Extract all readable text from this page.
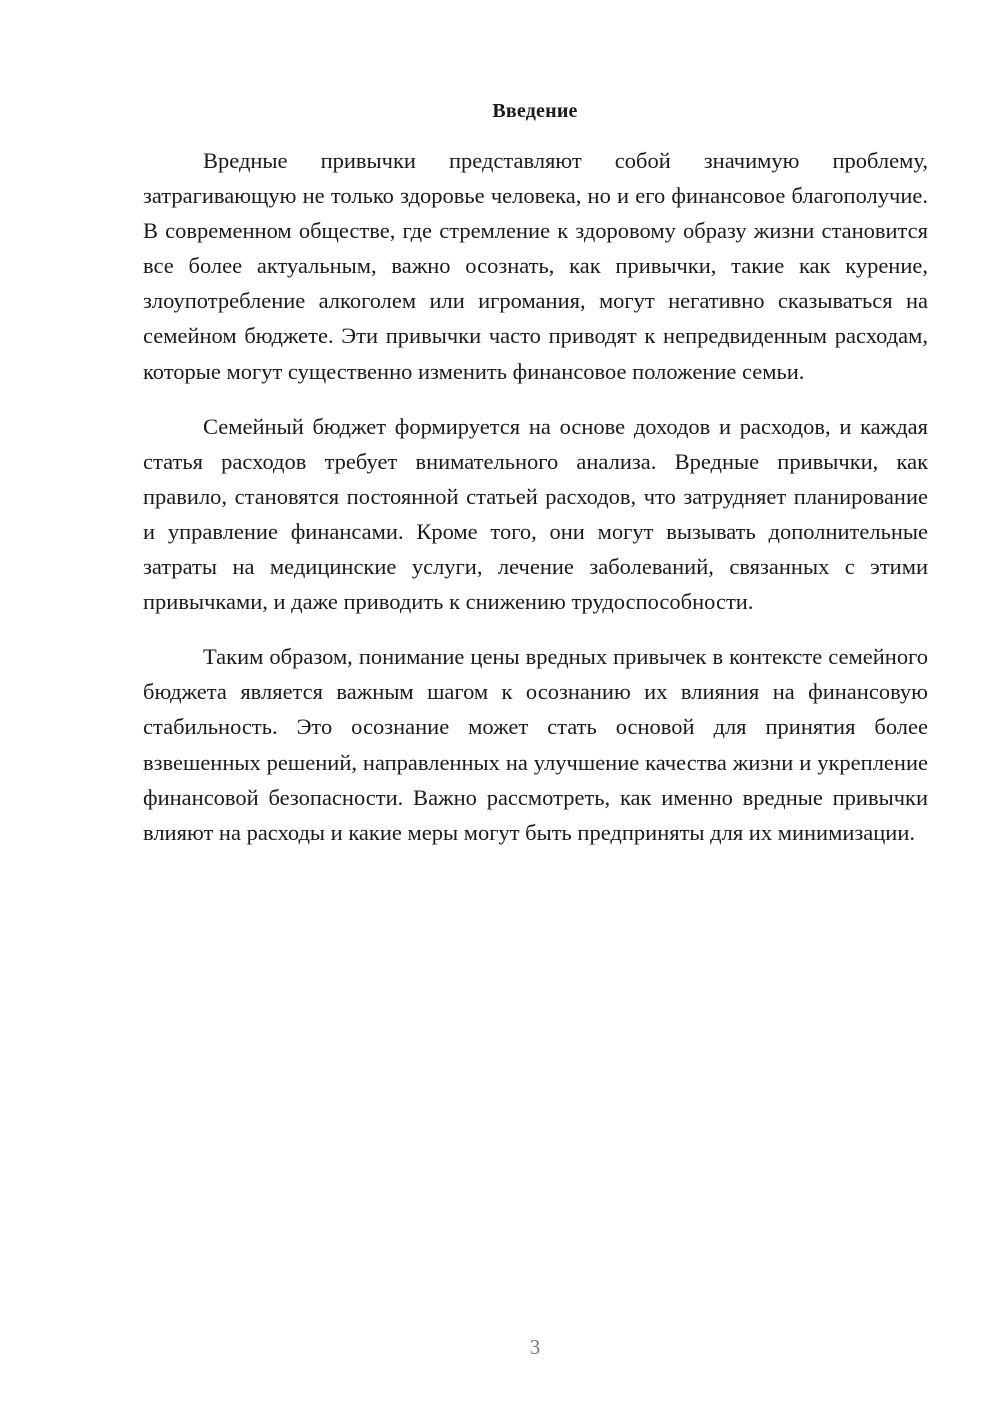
Введение

Вредные привычки представляют собой значимую проблему, затрагивающую не только здоровье человека, но и его финансовое благополучие. В современном обществе, где стремление к здоровому образу жизни становится все более актуальным, важно осознать, как привычки, такие как курение, злоупотребление алкоголем или игромания, могут негативно сказываться на семейном бюджете. Эти привычки часто приводят к непредвиденным расходам, которые могут существенно изменить финансовое положение семьи.

Семейный бюджет формируется на основе доходов и расходов, и каждая статья расходов требует внимательного анализа. Вредные привычки, как правило, становятся постоянной статьей расходов, что затрудняет планирование и управление финансами. Кроме того, они могут вызывать дополнительные затраты на медицинские услуги, лечение заболеваний, связанных с этими привычками, и даже приводить к снижению трудоспособности.

Таким образом, понимание цены вредных привычек в контексте семейного бюджета является важным шагом к осознанию их влияния на финансовую стабильность. Это осознание может стать основой для принятия более взвешенных решений, направленных на улучшение качества жизни и укрепление финансовой безопасности. Важно рассмотреть, как именно вредные привычки влияют на расходы и какие меры могут быть предприняты для их минимизации.

3
